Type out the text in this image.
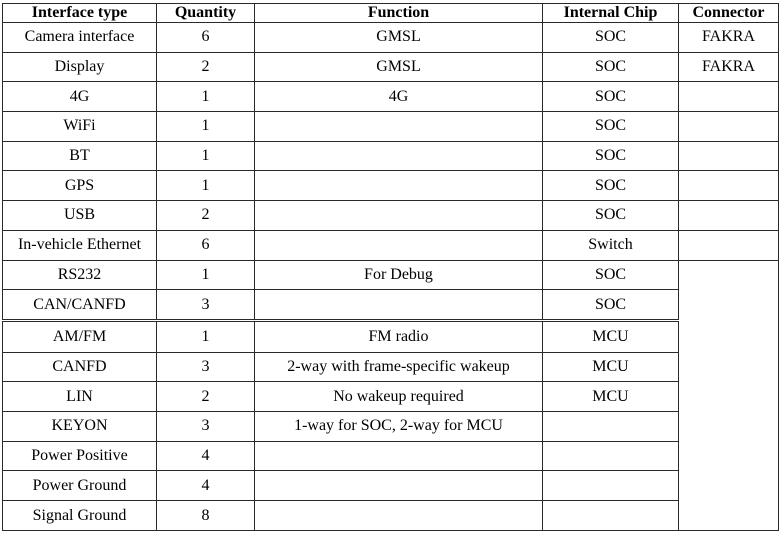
Interface type	Quantity	Function	Internal Chip	Connector
Camera interface	6	GMSL	SOC	FAKRA
Display	2	GMSL	SOC	FAKRA
4G	1	4G	SOC	
WiFi	1		SOC	
BT	1		SOC	
GPS	1		SOC	
USB	2		SOC	
In-vehicle Ethernet	6		Switch	
RS232	1	For Debug	SOC	
CAN/CANFD	3		SOC	
AM/FM	1	FM radio	MCU	
CANFD	3	2-way with frame-specific wakeup	MCU	
LIN	2	No wakeup required	MCU	
KEYON	3	1-way for SOC, 2-way for MCU		
Power Positive	4			
Power Ground	4			
Signal Ground	8			
